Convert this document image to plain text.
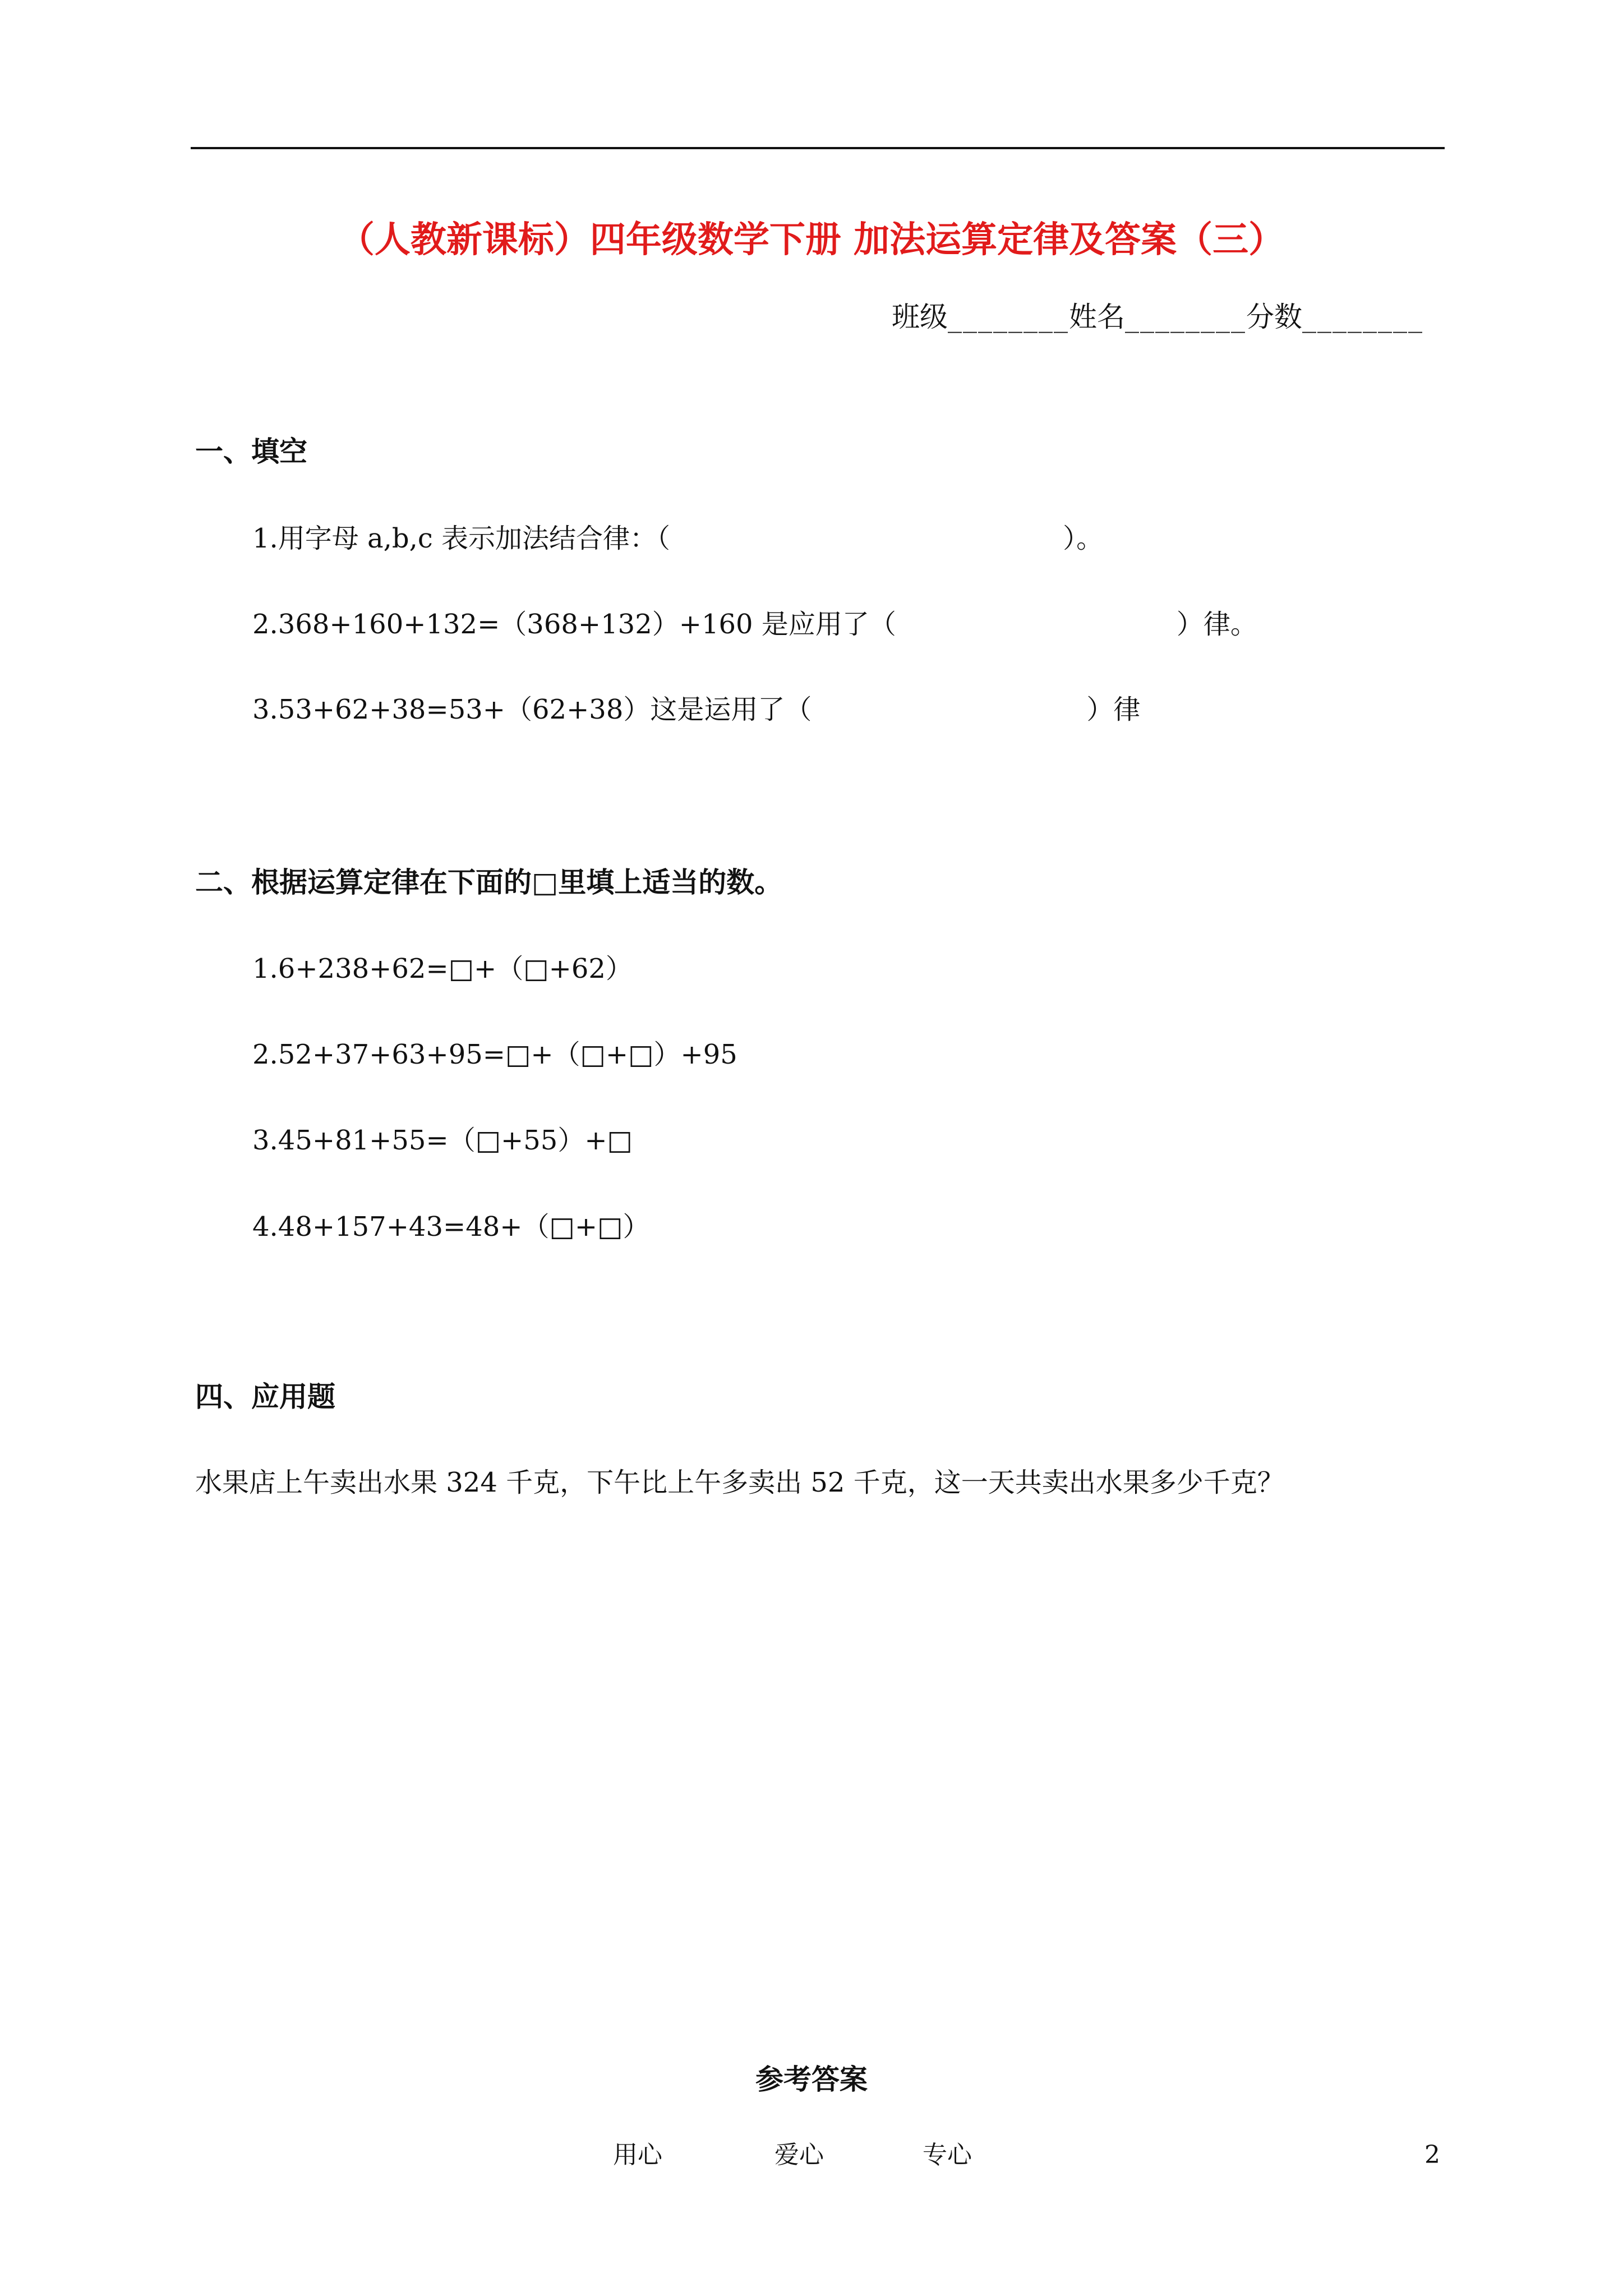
（人教新课标）四年级数学下册 加法运算定律及答案（三）
班级________姓名________分数________
一、填空
1.用字母 a,b,c 表示加法结合律：（	）。
2.368+160+132=（368+132）+160 是应用了（	）律。
3.53+62+38=53+（62+38）这是运用了（	）律
二、根据运算定律在下面的□里填上适当的数。
1.6+238+62=□+（□+62）
2.52+37+63+95=□+（□+□）+95
3.45+81+55=（□+55）+□
4.48+157+43=48+（□+□）
四、应用题
水果店上午卖出水果 324 千克，下午比上午多卖出 52 千克，这一天共卖出水果多少千克？
参考答案
用心	爱心	专心	2
